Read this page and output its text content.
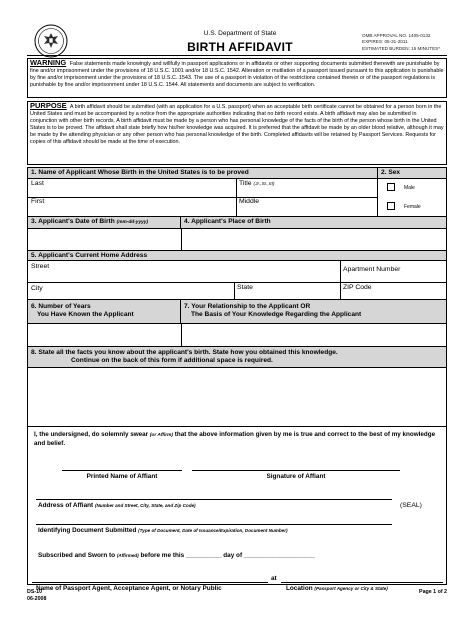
U.S. Department of State
BIRTH AFFIDAVIT
OMB APPROVAL NO. 1405-0132
EXPIRES: 05-31-2011
ESTIMATED BURDEN: 15 MINUTES*
WARNING False statements made knowingly and willfully in passport applications or in affidavits or other supporting documents submitted therewith are punishable by fine and/or imprisonment under the provisions of 18 U.S.C. 1001 and/or 18 U.S.C. 1542. Alteration or mutilation of a passport issued pursuant to this application is punishable by fine and/or imprisonment under the provisions of 18 U.S.C. 1543. The use of a passport in violation of the restrictions contained therein or of the passport regulations is punishable by fine and/or imprisonment under 18 U.S.C. 1544. All statements and documents are subject to verification.
PURPOSE A birth affidavit should be submitted (with an application for a U.S. passport) when an acceptable birth certificate cannot be obtained for a person born in the United States and must be accompanied by a notice from the appropriate authorities indicating that no birth record exists. A birth affidavit may also be submitted in conjunction with other birth records. A birth affidavit must be made by a person who has personal knowledge of the facts of the birth of the person whose birth in the United States is to be proved. The affidavit shall state briefly how his/her knowledge was acquired. It is preferred that the affidavit be made by an older blood relative, although it may be made by the attending physician or any other person who has personal knowledge of the birth. Completed affidavits will be retained by Passport Services. Requests for copies of this affidavit should be made at the time of execution.
1. Name of Applicant Whose Birth in the United States is to be proved	2. Sex
Last	Title (Jr.,Sr.,III)
First	Middle
Male
Female
3. Applicant's Date of Birth (mm-dd-yyyy)	4. Applicant's Place of Birth
5. Applicant's Current Home Address
Street	Apartment Number
City	State	ZIP Code
6. Number of Years
You Have Known the Applicant
7. Your Relationship to the Applicant OR
The Basis of Your Knowledge Regarding the Applicant
8. State all the facts you know about the applicant's birth. State how you obtained this knowledge.
Continue on the back of this form if additional space is required.
I, the undersigned, do solemnly swear (or Affirm) that the above information given by me is true and correct to the best of my knowledge and belief.
Printed Name of Affiant	Signature of Affiant
Address of Affiant (Number and Street, City, State, and Zip Code)	(SEAL)
Identifying Document Submitted (Type of Document, Date of Issuance/Expiration, Document Number)
Subscribed and Sworn to (Affirmed) before me this __________ day of ____________________
at
Name of Passport Agent, Acceptance Agent, or Notary Public	Location (Passport Agency or City & State)
DS-10
06-2008
Page 1 of 2
